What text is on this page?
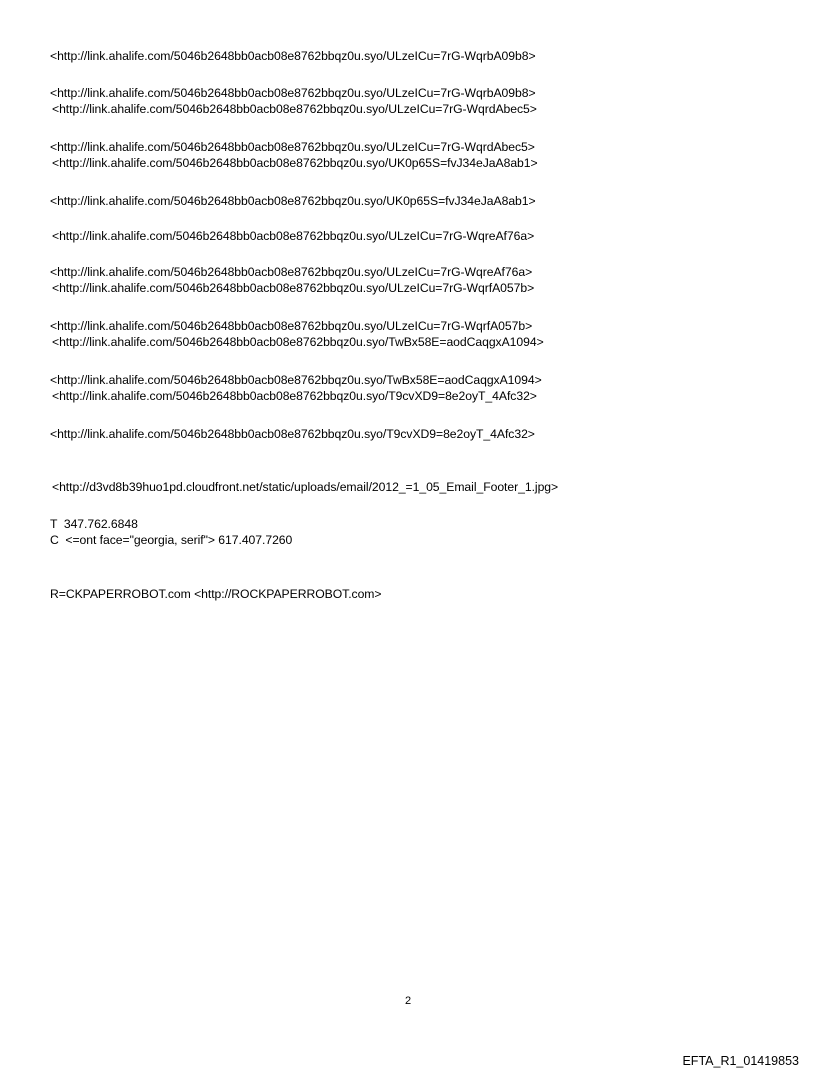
<http://link.ahalife.com/5046b2648bb0acb08e8762bbqz0u.syo/ULzeICu=7rG-WqrbA09b8>
<http://link.ahalife.com/5046b2648bb0acb08e8762bbqz0u.syo/ULzeICu=7rG-WqrbA09b8>
<http://link.ahalife.com/5046b2648bb0acb08e8762bbqz0u.syo/ULzeICu=7rG-WqrdAbec5>
<http://link.ahalife.com/5046b2648bb0acb08e8762bbqz0u.syo/ULzeICu=7rG-WqrdAbec5>
<http://link.ahalife.com/5046b2648bb0acb08e8762bbqz0u.syo/UK0p65S=fvJ34eJaA8ab1>
<http://link.ahalife.com/5046b2648bb0acb08e8762bbqz0u.syo/UK0p65S=fvJ34eJaA8ab1>
<http://link.ahalife.com/5046b2648bb0acb08e8762bbqz0u.syo/ULzeICu=7rG-WqreAf76a>
<http://link.ahalife.com/5046b2648bb0acb08e8762bbqz0u.syo/ULzeICu=7rG-WqreAf76a>
<http://link.ahalife.com/5046b2648bb0acb08e8762bbqz0u.syo/ULzeICu=7rG-WqrfA057b>
<http://link.ahalife.com/5046b2648bb0acb08e8762bbqz0u.syo/ULzeICu=7rG-WqrfA057b>
<http://link.ahalife.com/5046b2648bb0acb08e8762bbqz0u.syo/TwBx58E=aodCaqgxA1094>
<http://link.ahalife.com/5046b2648bb0acb08e8762bbqz0u.syo/TwBx58E=aodCaqgxA1094>
<http://link.ahalife.com/5046b2648bb0acb08e8762bbqz0u.syo/T9cvXD9=8e2oyT_4Afc32>
<http://link.ahalife.com/5046b2648bb0acb08e8762bbqz0u.syo/T9cvXD9=8e2oyT_4Afc32>
<http://d3vd8b39huo1pd.cloudfront.net/static/uploads/email/2012_=1_05_Email_Footer_1.jpg>
T  347.762.6848
C  <=ont face="georgia, serif"> 617.407.7260
R=CKPAPERROBOT.com <http://ROCKPAPERROBOT.com>
2
EFTA_R1_01419853
